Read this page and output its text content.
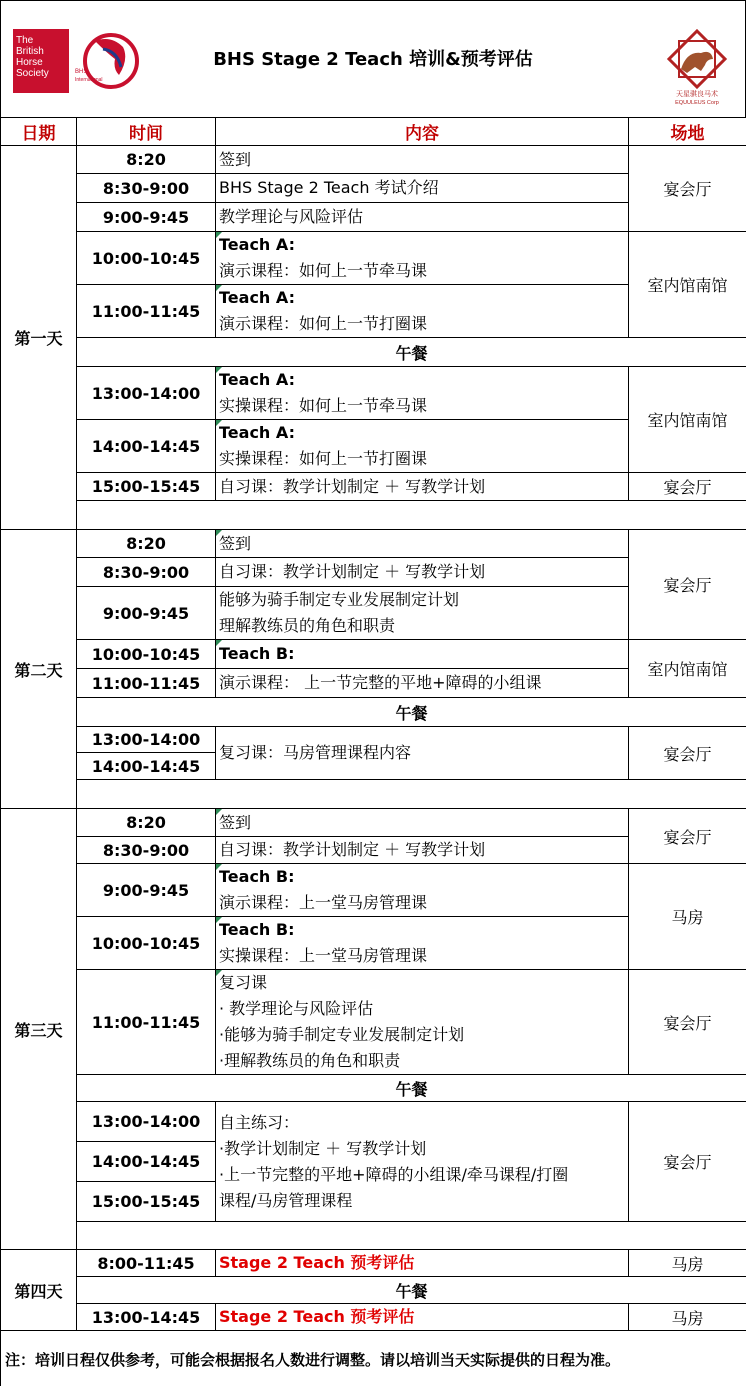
The
British
Horse
Society	BHS
International
BHS Stage 2 Teach 培训&预考评估
天星骐良马术
EQUULEUS Corp
日期	时间	内容	场地
第一天	8:20	签到	宴会厅
	8:30-9:00	BHS Stage 2 Teach 考试介绍	
	9:00-9:45	教学理论与风险评估	
	10:00-10:45	Teach A:
演示课程：如何上一节牵马课	室内馆南馆
	11:00-11:45	Teach A:
演示课程：如何上一节打圈课	

	午餐		
	13:00-14:00	Teach A:
实操课程：如何上一节牵马课	室内馆南馆
	14:00-14:45	Teach A:
实操课程：如何上一节打圈课	

	15:00-15:45	自习课：教学计划制定 ＋ 写教学计划	宴会厅

第二天	8:20	签到	宴会厅
	8:30-9:00	自习课：教学计划制定 ＋ 写教学计划	
	9:00-9:45	能够为骑手制定专业发展制定计划
理解教练员的角色和职责	

	10:00-10:45	Teach B:	室内馆南馆
	11:00-11:45	演示课程： 上一节完整的平地+障碍的小组课	
	午餐		
	13:00-14:00	复习课：马房管理课程内容	宴会厅
	14:00-14:45		

第三天	8:20	签到	宴会厅
	8:30-9:00	自习课：教学计划制定 ＋ 写教学计划	
	9:00-9:45	Teach B:
演示课程：上一堂马房管理课	马房
	10:00-10:45	Teach B:
实操课程：上一堂马房管理课	

	11:00-11:45	复习课
· 教学理论与风险评估
·能够为骑手制定专业发展制定计划
·理解教练员的角色和职责	宴会厅
	午餐		
	13:00-14:00	自主练习：
·教学计划制定 ＋ 写教学计划
·上一节完整的平地+障碍的小组课/牵马课程/打圈
课程/马房管理课程	宴会厅
	14:00-14:45		
	15:00-15:45		

第四天	8:00-11:45	Stage 2 Teach 预考评估	马房
	午餐		
	13:00-14:45	Stage 2 Teach 预考评估	马房
注：培训日程仅供参考，可能会根据报名人数进行调整。请以培训当天实际提供的日程为准。			
